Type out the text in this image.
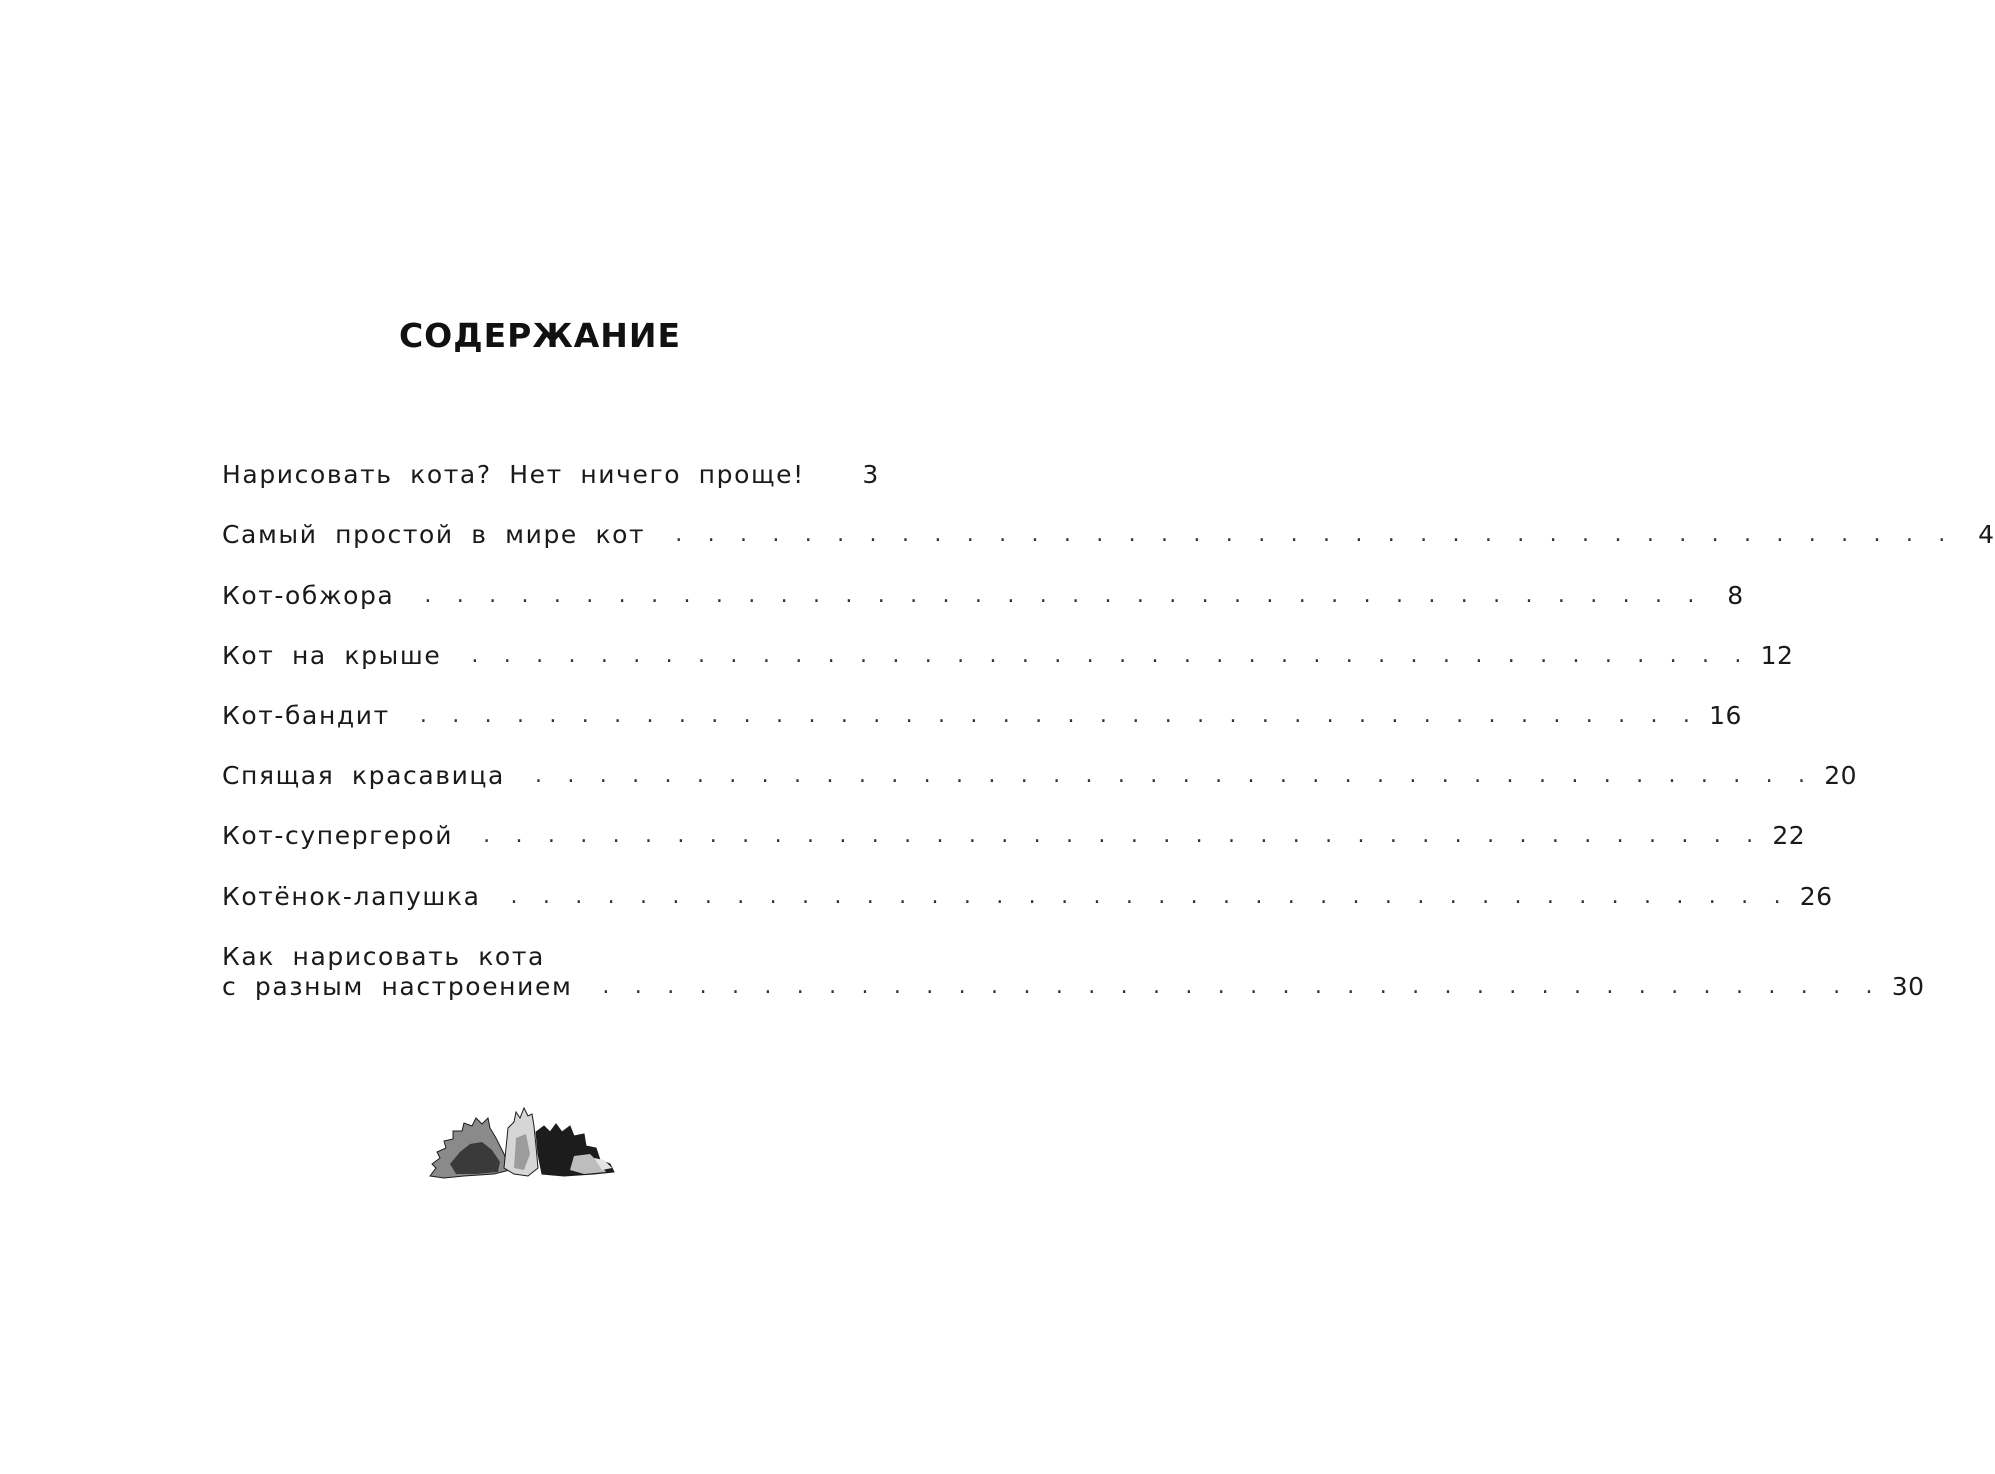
СОДЕРЖАНИЕ
Нарисовать кота? Нет ничего проще!	3
Самый простой в мире кот . . . . . . . . . . . . . . . . . . . . . . . . . . . . . . . . . . . . . . . .	4
Кот-обжора . . . . . . . . . . . . . . . . . . . . . . . . . . . . . . . . . . . . . . . .	8
Кот на крыше . . . . . . . . . . . . . . . . . . . . . . . . . . . . . . . . . . . . . . . . 12
Кот-бандит . . . . . . . . . . . . . . . . . . . . . . . . . . . . . . . . . . . . . . . . 16
Спящая красавица . . . . . . . . . . . . . . . . . . . . . . . . . . . . . . . . . . . . . . . . 20
Кот-супергерой . . . . . . . . . . . . . . . . . . . . . . . . . . . . . . . . . . . . . . . . 22
Котёнок-лапушка . . . . . . . . . . . . . . . . . . . . . . . . . . . . . . . . . . . . . . . . 26
Как нарисовать кота
с разным настроением . . . . . . . . . . . . . . . . . . . . . . . . . . . . . . . . . . . . . . . . 30
